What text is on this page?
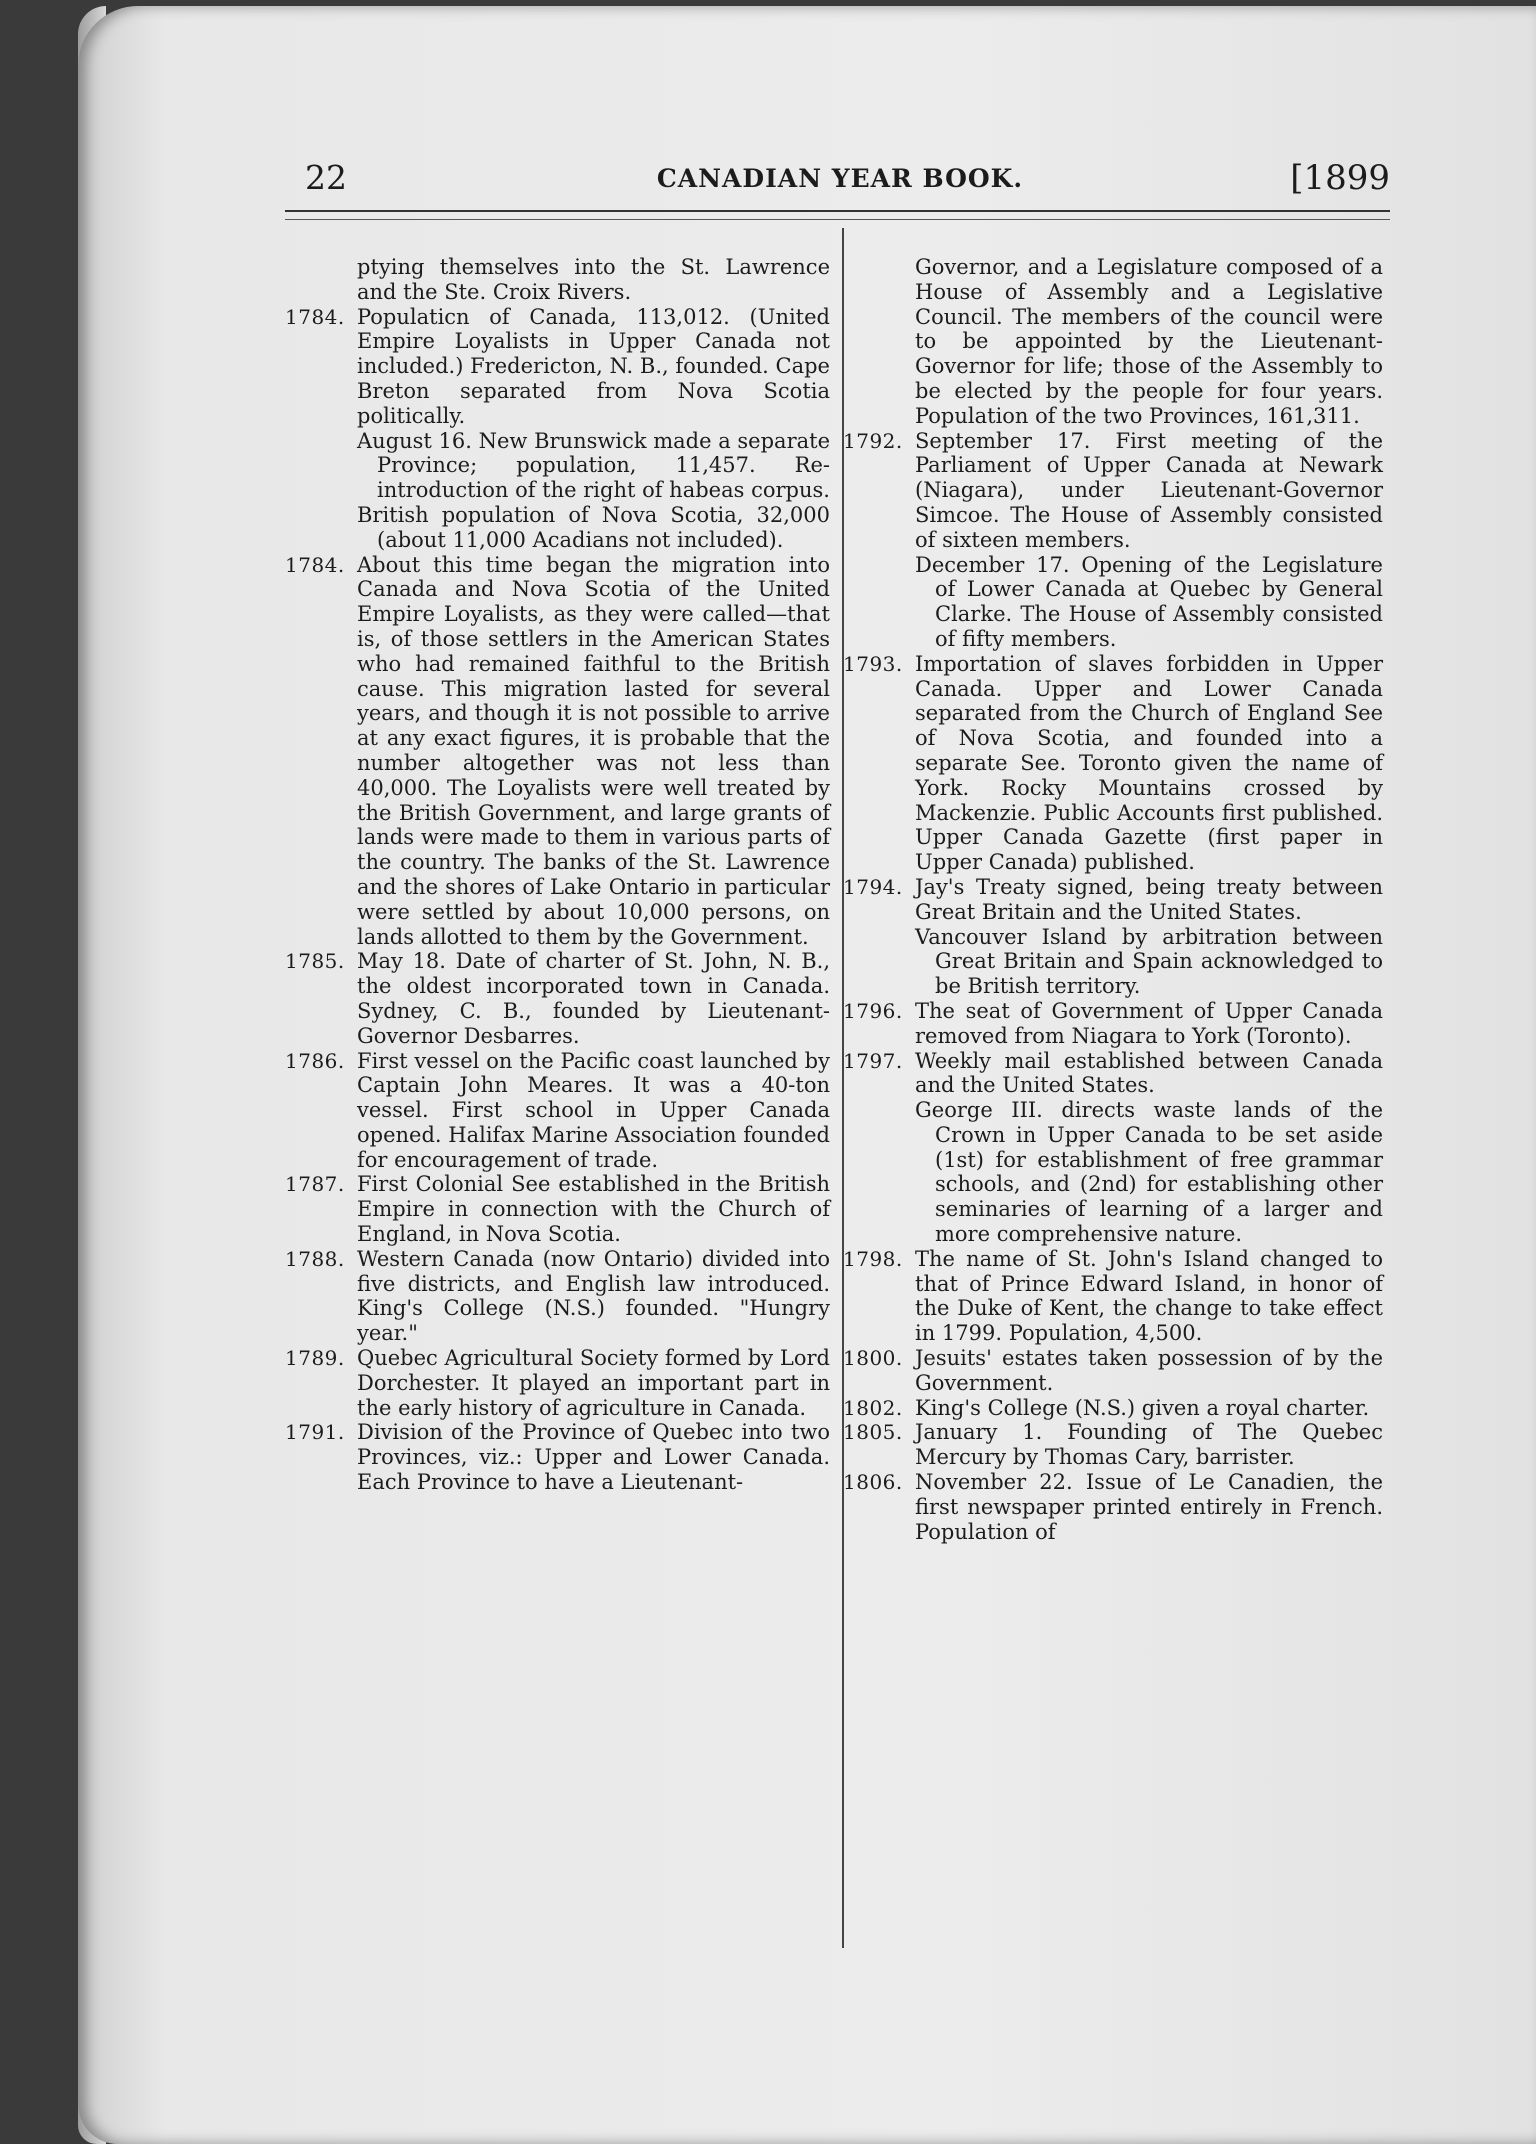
22	CANADIAN YEAR BOOK.	[1899

ptying themselves into the St. Lawrence and the Ste. Croix Rivers.

1784. Populaticn of Canada, 113,012. (United Empire Loyalists in Upper Canada not included.) Fredericton, N. B., founded. Cape Breton separated from Nova Scotia politically.

August 16. New Brunswick made a separate Province; population, 11,457. Re-introduction of the right of habeas corpus.

British population of Nova Scotia, 32,000 (about 11,000 Acadians not included).

1784. About this time began the migration into Canada and Nova Scotia of the United Empire Loyalists, as they were called—that is, of those settlers in the American States who had remained faithful to the British cause. This migration lasted for several years, and though it is not possible to arrive at any exact figures, it is probable that the number altogether was not less than 40,000. The Loyalists were well treated by the British Government, and large grants of lands were made to them in various parts of the country. The banks of the St. Lawrence and the shores of Lake Ontario in particular were settled by about 10,000 persons, on lands allotted to them by the Government.

1785. May 18. Date of charter of St. John, N. B., the oldest incorporated town in Canada. Sydney, C. B., founded by Lieutenant-Governor Desbarres.

1786. First vessel on the Pacific coast launched by Captain John Meares. It was a 40-ton vessel. First school in Upper Canada opened. Halifax Marine Association founded for encouragement of trade.

1787. First Colonial See established in the British Empire in connection with the Church of England, in Nova Scotia.

1788. Western Canada (now Ontario) divided into five districts, and English law introduced. King's College (N.S.) founded. "Hungry year."

1789. Quebec Agricultural Society formed by Lord Dorchester. It played an important part in the early history of agriculture in Canada.

1791. Division of the Province of Quebec into two Provinces, viz.: Upper and Lower Canada. Each Province to have a Lieutenant-

Governor, and a Legislature composed of a House of Assembly and a Legislative Council. The members of the council were to be appointed by the Lieutenant-Governor for life; those of the Assembly to be elected by the people for four years. Population of the two Provinces, 161,311.

1792. September 17. First meeting of the Parliament of Upper Canada at Newark (Niagara), under Lieutenant-Governor Simcoe. The House of Assembly consisted of sixteen members.

December 17. Opening of the Legislature of Lower Canada at Quebec by General Clarke. The House of Assembly consisted of fifty members.

1793. Importation of slaves forbidden in Upper Canada. Upper and Lower Canada separated from the Church of England See of Nova Scotia, and founded into a separate See. Toronto given the name of York. Rocky Mountains crossed by Mackenzie. Public Accounts first published. Upper Canada Gazette (first paper in Upper Canada) published.

1794. Jay's Treaty signed, being treaty between Great Britain and the United States.

Vancouver Island by arbitration between Great Britain and Spain acknowledged to be British territory.

1796. The seat of Government of Upper Canada removed from Niagara to York (Toronto).

1797. Weekly mail established between Canada and the United States.

George III. directs waste lands of the Crown in Upper Canada to be set aside (1st) for establishment of free grammar schools, and (2nd) for establishing other seminaries of learning of a larger and more comprehensive nature.

1798. The name of St. John's Island changed to that of Prince Edward Island, in honor of the Duke of Kent, the change to take effect in 1799. Population, 4,500.

1800. Jesuits' estates taken possession of by the Government.

1802. King's College (N.S.) given a royal charter.

1805. January 1. Founding of The Quebec Mercury by Thomas Cary, barrister.

1806. November 22. Issue of Le Canadien, the first newspaper printed entirely in French. Population of
